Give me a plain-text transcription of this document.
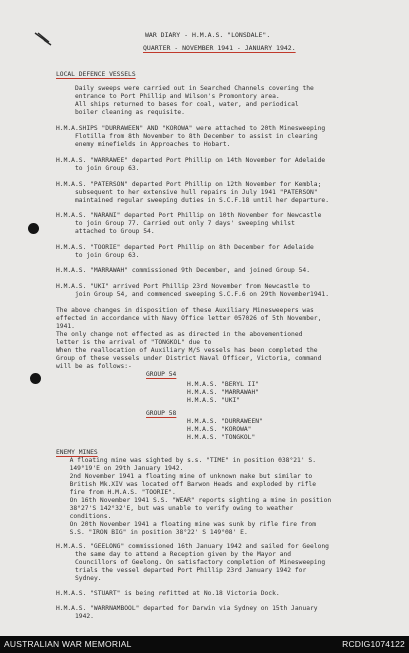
WAR DIARY - H.M.A.S. "LONSDALE".
QUARTER - NOVEMBER 1941 - JANUARY 1942.
LOCAL DEFENCE VESSELS
Daily sweeps were carried out in Searched Channels covering the
entrance to Port Phillip and Wilson's Promontory area.
All ships returned to bases for coal, water, and periodical
boiler cleaning as requisite.
H.M.A.SHIPS "DURRAWEEN" AND "KOROWA" were attached to 20th Minesweeping
Flotilla from 8th November to 8th December to assist in clearing
enemy minefields in Approaches to Hobart.
H.M.A.S. "WARRAWEE" departed Port Phillip on 14th November for Adelaide
to join Group 63.
H.M.A.S. "PATERSON" departed Port Phillip on 12th November for Kembla;
subsequent to her extensive hull repairs in July 1941 "PATERSON"
maintained regular sweeping duties in S.C.F.18 until her departure.
H.M.A.S. "NARANI" departed Port Phillip on 10th November for Newcastle
to join Group 77. Carried out only 7 days' sweeping whilst
attached to Group 54.
H.M.A.S. "TOORIE" departed Port Phillip on 8th December for Adelaide
to join Group 63.
H.M.A.S. "MARRAWAH" commissioned 9th December, and joined Group 54.
H.M.A.S. "UKI" arrived Port Phillip 23rd November from Newcastle to
join Group 54, and commenced sweeping S.C.F.6 on 29th November1941.
The above changes in disposition of these Auxiliary Minesweepers was
effected in accordance with Navy Office letter 057026 of 5th November,
1941.
The only change not effected as as directed in the abovementioned
letter is the arrival of "TONGKOL" due to
When the reallocation of Auxiliary M/S vessels has been completed the
Group of these vessels under District Naval Officer, Victoria, command
will be as follows:-
GROUP 54
H.M.A.S. "BERYL II"
H.M.A.S. "MARRAWAH"
H.M.A.S. "UKI"
GROUP 58
H.M.A.S. "DURRAWEEN"
H.M.A.S. "KOROWA"
H.M.A.S. "TONGKOL"
ENEMY MINES
A floating mine was sighted by s.s. "TIME" in position 038°21' S.
149°19'E on 29th January 1942.
2nd November 1941 a floating mine of unknown make but similar to
British Mk.XIV was located off Barwon Heads and exploded by rifle
fire from H.M.A.S. "TOORIE".
On 16th November 1941 S.S. "WEAR" reports sighting a mine in position
38°27'S 142°32'E, but was unable to verify owing to weather
conditions.
On 20th November 1941 a floating mine was sunk by rifle fire from
S.S. "IRON BIG" in position 38°22' S 149°08' E.
H.M.A.S. "GEELONG" commissioned 16th January 1942 and sailed for Geelong
the same day to attend a Reception given by the Mayor and
Councillors of Geelong. On satisfactory completion of Minesweeping
trials the vessel departed Port Phillip 23rd January 1942 for
Sydney.
H.M.A.S. "STUART" is being refitted at No.18 Victoria Dock.
H.M.A.S. "WARRNAMBOOL" departed for Darwin via Sydney on 15th January
1942.
AUSTRALIAN WAR MEMORIAL	RCDIG1074122
